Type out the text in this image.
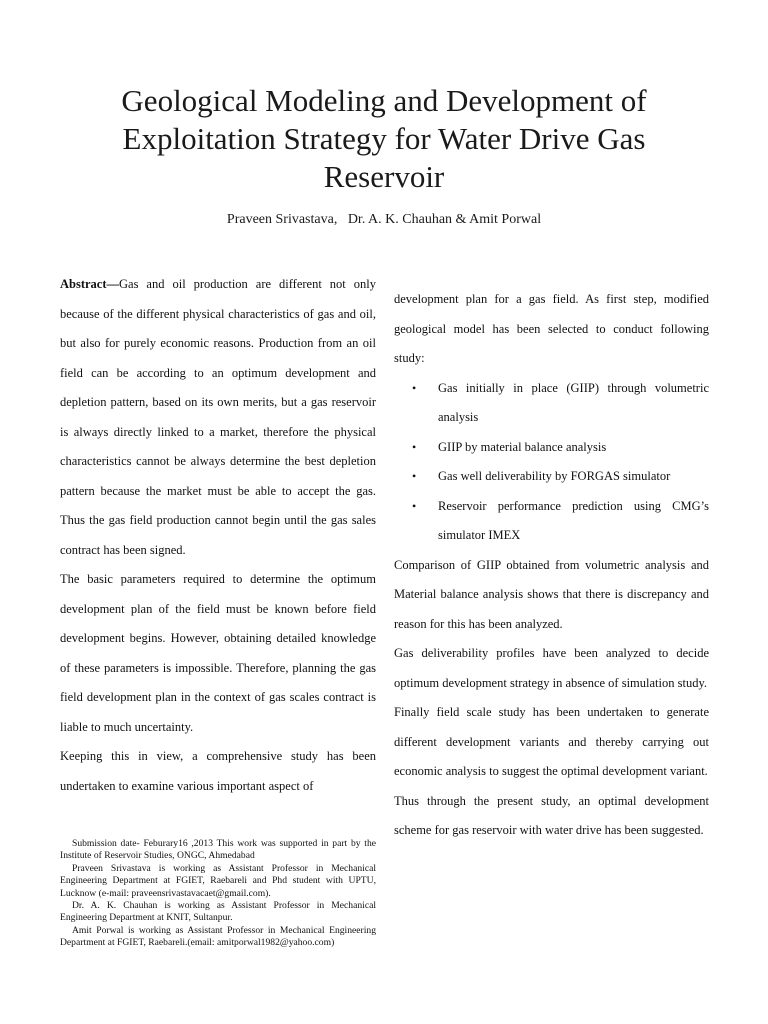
Geological Modeling and Development of
Exploitation Strategy for Water Drive Gas
Reservoir
Praveen Srivastava,   Dr. A. K. Chauhan & Amit Porwal

Abstract—Gas and oil production are different not only because of the different physical characteristics of gas and oil, but also for purely economic reasons. Production from an oil field can be according to an optimum development and depletion pattern, based on its own merits, but a gas reservoir is always directly linked to a market, therefore the physical characteristics cannot be always determine the best depletion pattern because the market must be able to accept the gas. Thus the gas field production cannot begin until the gas sales contract has been signed.

The basic parameters required to determine the optimum development plan of the field must be known before field development begins. However, obtaining detailed knowledge of these parameters is impossible. Therefore, planning the gas field development plan in the context of gas scales contract is liable to much uncertainty.

Keeping this in view, a comprehensive study has been undertaken to examine various important aspect of

development plan for a gas field. As first step, modified geological model has been selected to conduct following study:

• Gas initially in place (GIIP) through volumetric analysis
• GIIP by material balance analysis
• Gas well deliverability by FORGAS simulator
• Reservoir performance prediction using CMG’s simulator IMEX

Comparison of GIIP obtained from volumetric analysis and Material balance analysis shows that there is discrepancy and reason for this has been analyzed.

Gas deliverability profiles have been analyzed to decide optimum development strategy in absence of simulation study.

Finally field scale study has been undertaken to generate different development variants and thereby carrying out economic analysis to suggest the optimal development variant.

Thus through the present study, an optimal development scheme for gas reservoir with water drive has been suggested.

Submission date- Feburary16 ,2013 This work was supported in part by the Institute of Reservoir Studies, ONGC, Ahmedabad

Praveen Srivastava is working as Assistant Professor in Mechanical Engineering Department at FGIET, Raebareli and Phd student with UPTU, Lucknow (e-mail: praveensrivastavacaet@gmail.com).

Dr. A. K. Chauhan is working as Assistant Professor in Mechanical Engineering Department at KNIT, Sultanpur.

Amit Porwal is working as Assistant Professor in Mechanical Engineering Department at FGIET, Raebareli.(email: amitporwal1982@yahoo.com)
